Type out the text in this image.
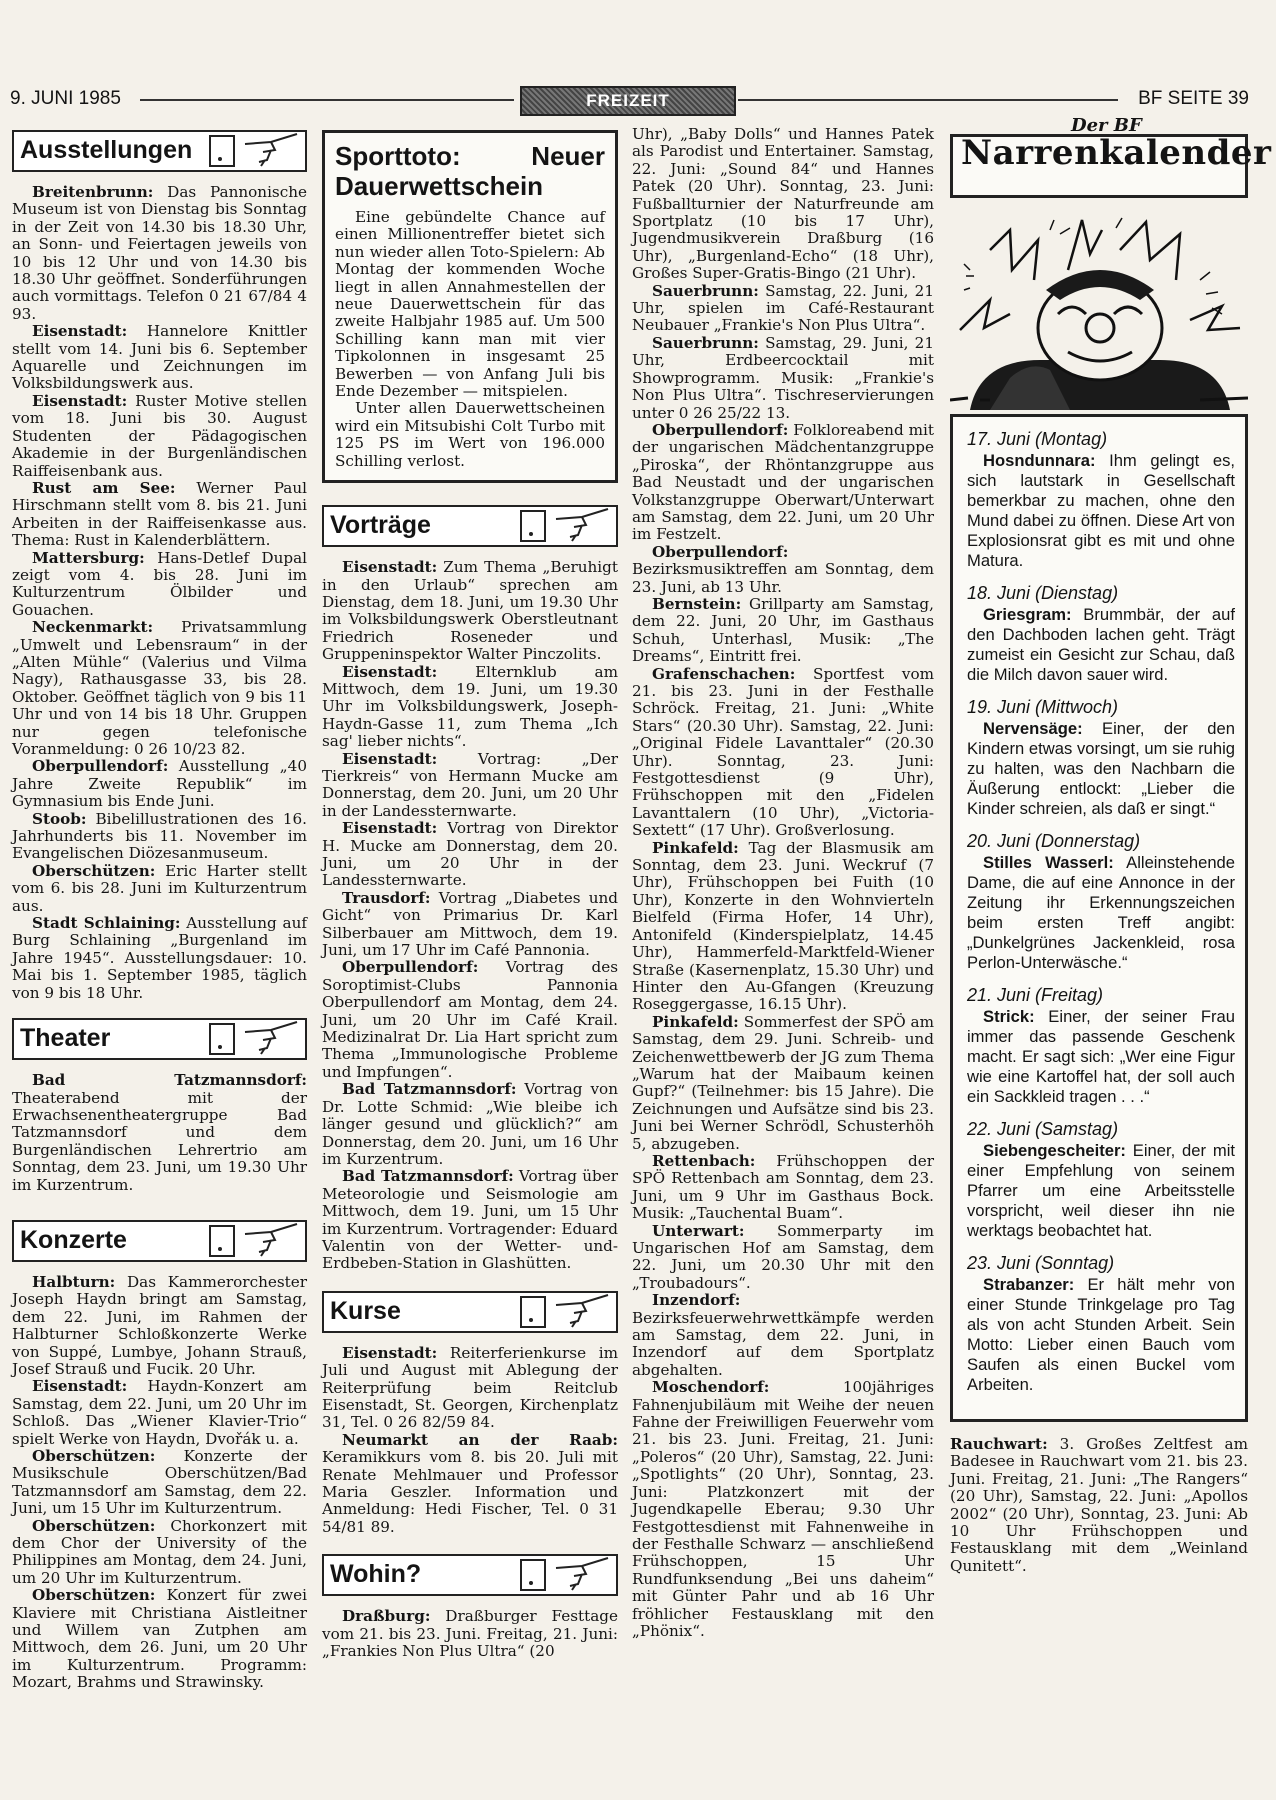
9. JUNI 1985	FREIZEIT	BF SEITE 39
Ausstellungen

Breitenbrunn: Das Pannonische Museum ist von Dienstag bis Sonntag in der Zeit von 14.30 bis 18.30 Uhr, an Sonn- und Feiertagen jeweils von 10 bis 12 Uhr und von 14.30 bis 18.30 Uhr geöffnet. Sonderführungen auch vormittags. Telefon 0 21 67/84 4 93.

Eisenstadt: Hannelore Knittler stellt vom 14. Juni bis 6. September Aquarelle und Zeichnungen im Volksbildungswerk aus.

Eisenstadt: Ruster Motive stellen vom 18. Juni bis 30. August Studenten der Pädagogischen Akademie in der Burgenländischen Raiffeisenbank aus.

Rust am See: Werner Paul Hirschmann stellt vom 8. bis 21. Juni Arbeiten in der Raiffeisenkasse aus. Thema: Rust in Kalenderblättern.

Mattersburg: Hans-Detlef Dupal zeigt vom 4. bis 28. Juni im Kulturzentrum Ölbilder und Gouachen.

Neckenmarkt: Privatsammlung „Umwelt und Lebensraum“ in der „Alten Mühle“ (Valerius und Vilma Nagy), Rathausgasse 33, bis 28. Oktober. Geöffnet täglich von 9 bis 11 Uhr und von 14 bis 18 Uhr. Gruppen nur gegen telefonische Voranmeldung: 0 26 10/23 82.

Oberpullendorf: Ausstellung „40 Jahre Zweite Republik“ im Gymnasium bis Ende Juni.

Stoob: Bibelillustrationen des 16. Jahrhunderts bis 11. November im Evangelischen Diözesanmuseum.

Oberschützen: Eric Harter stellt vom 6. bis 28. Juni im Kulturzentrum aus.

Stadt Schlaining: Ausstellung auf Burg Schlaining „Burgenland im Jahre 1945“. Ausstellungsdauer: 10. Mai bis 1. September 1985, täglich von 9 bis 18 Uhr.

Theater

Bad Tatzmannsdorf: Theaterabend mit der Erwachsenentheatergruppe Bad Tatzmannsdorf und dem Burgenländischen Lehrertrio am Sonntag, dem 23. Juni, um 19.30 Uhr im Kurzentrum.

Konzerte

Halbturn: Das Kammerorchester Joseph Haydn bringt am Samstag, dem 22. Juni, im Rahmen der Halbturner Schloßkonzerte Werke von Suppé, Lumbye, Johann Strauß, Josef Strauß und Fucik. 20 Uhr.

Eisenstadt: Haydn-Konzert am Samstag, dem 22. Juni, um 20 Uhr im Schloß. Das „Wiener Klavier-Trio“ spielt Werke von Haydn, Dvořák u. a.

Oberschützen: Konzerte der Musikschule Oberschützen/Bad Tatzmannsdorf am Samstag, dem 22. Juni, um 15 Uhr im Kulturzentrum.

Oberschützen: Chorkonzert mit dem Chor der University of the Philippines am Montag, dem 24. Juni, um 20 Uhr im Kulturzentrum.

Oberschützen: Konzert für zwei Klaviere mit Christiana Aistleitner und Willem van Zutphen am Mittwoch, dem 26. Juni, um 20 Uhr im Kulturzentrum. Programm: Mozart, Brahms und Strawinsky.

Sporttoto: Neuer Dauerwettschein

Eine gebündelte Chance auf einen Millionentreffer bietet sich nun wieder allen Toto-Spielern: Ab Montag der kommenden Woche liegt in allen Annahmestellen der neue Dauerwettschein für das zweite Halbjahr 1985 auf. Um 500 Schilling kann man mit vier Tipkolonnen in insgesamt 25 Bewerben — von Anfang Juli bis Ende Dezember — mitspielen.

Unter allen Dauerwettscheinen wird ein Mitsubishi Colt Turbo mit 125 PS im Wert von 196.000 Schilling verlost.

Vorträge

Eisenstadt: Zum Thema „Beruhigt in den Urlaub“ sprechen am Dienstag, dem 18. Juni, um 19.30 Uhr im Volksbildungswerk Oberstleutnant Friedrich Roseneder und Gruppeninspektor Walter Pinczolits.

Eisenstadt: Elternklub am Mittwoch, dem 19. Juni, um 19.30 Uhr im Volksbildungswerk, Joseph-Haydn-Gasse 11, zum Thema „Ich sag' lieber nichts“.

Eisenstadt: Vortrag: „Der Tierkreis“ von Hermann Mucke am Donnerstag, dem 20. Juni, um 20 Uhr in der Landessternwarte.

Eisenstadt: Vortrag von Direktor H. Mucke am Donnerstag, dem 20. Juni, um 20 Uhr in der Landessternwarte.

Trausdorf: Vortrag „Diabetes und Gicht“ von Primarius Dr. Karl Silberbauer am Mittwoch, dem 19. Juni, um 17 Uhr im Café Pannonia.

Oberpullendorf: Vortrag des Soroptimist-Clubs Pannonia Oberpullendorf am Montag, dem 24. Juni, um 20 Uhr im Café Krail. Medizinalrat Dr. Lia Hart spricht zum Thema „Immunologische Probleme und Impfungen“.

Bad Tatzmannsdorf: Vortrag von Dr. Lotte Schmid: „Wie bleibe ich länger gesund und glücklich?“ am Donnerstag, dem 20. Juni, um 16 Uhr im Kurzentrum.

Bad Tatzmannsdorf: Vortrag über Meteorologie und Seismologie am Mittwoch, dem 19. Juni, um 15 Uhr im Kurzentrum. Vortragender: Eduard Valentin von der Wetter- und-Erdbeben-Station in Glashütten.

Kurse

Eisenstadt: Reiterferienkurse im Juli und August mit Ablegung der Reiterprüfung beim Reitclub Eisenstadt, St. Georgen, Kirchenplatz 31, Tel. 0 26 82/59 84.

Neumarkt an der Raab: Keramikkurs vom 8. bis 20. Juli mit Renate Mehlmauer und Professor Maria Geszler. Information und Anmeldung: Hedi Fischer, Tel. 0 31 54/81 89.

Wohin?

Draßburg: Draßburger Festtage vom 21. bis 23. Juni. Freitag, 21. Juni: „Frankies Non Plus Ultra“ (20

Uhr), „Baby Dolls“ und Hannes Patek als Parodist und Entertainer. Samstag, 22. Juni: „Sound 84“ und Hannes Patek (20 Uhr). Sonntag, 23. Juni: Fußballturnier der Naturfreunde am Sportplatz (10 bis 17 Uhr), Jugendmusikverein Draßburg (16 Uhr), „Burgenland-Echo“ (18 Uhr), Großes Super-Gratis-Bingo (21 Uhr).

Sauerbrunn: Samstag, 22. Juni, 21 Uhr, spielen im Café-Restaurant Neubauer „Frankie's Non Plus Ultra“.

Sauerbrunn: Samstag, 29. Juni, 21 Uhr, Erdbeercocktail mit Showprogramm. Musik: „Frankie's Non Plus Ultra“. Tischreservierungen unter 0 26 25/22 13.

Oberpullendorf: Folkloreabend mit der ungarischen Mädchentanzgruppe „Piroska“, der Rhöntanzgruppe aus Bad Neustadt und der ungarischen Volkstanzgruppe Oberwart/Unterwart am Samstag, dem 22. Juni, um 20 Uhr im Festzelt.

Oberpullendorf: Bezirksmusiktreffen am Sonntag, dem 23. Juni, ab 13 Uhr.

Bernstein: Grillparty am Samstag, dem 22. Juni, 20 Uhr, im Gasthaus Schuh, Unterhasl, Musik: „The Dreams“, Eintritt frei.

Grafenschachen: Sportfest vom 21. bis 23. Juni in der Festhalle Schröck. Freitag, 21. Juni: „White Stars“ (20.30 Uhr). Samstag, 22. Juni: „Original Fidele Lavanttaler“ (20.30 Uhr). Sonntag, 23. Juni: Festgottesdienst (9 Uhr), Frühschoppen mit den „Fidelen Lavanttalern (10 Uhr), „Victoria-Sextett“ (17 Uhr). Großverlosung.

Pinkafeld: Tag der Blasmusik am Sonntag, dem 23. Juni. Weckruf (7 Uhr), Frühschoppen bei Fuith (10 Uhr), Konzerte in den Wohnvierteln Bielfeld (Firma Hofer, 14 Uhr), Antonifeld (Kinderspielplatz, 14.45 Uhr), Hammerfeld-Marktfeld-Wiener Straße (Kasernenplatz, 15.30 Uhr) und Hinter den Au-Gfangen (Kreuzung Roseggergasse, 16.15 Uhr).

Pinkafeld: Sommerfest der SPÖ am Samstag, dem 29. Juni. Schreib- und Zeichenwettbewerb der JG zum Thema „Warum hat der Maibaum keinen Gupf?“ (Teilnehmer: bis 15 Jahre). Die Zeichnungen und Aufsätze sind bis 23. Juni bei Werner Schrödl, Schusterhöh 5, abzugeben.

Rettenbach: Frühschoppen der SPÖ Rettenbach am Sonntag, dem 23. Juni, um 9 Uhr im Gasthaus Bock. Musik: „Tauchental Buam“.

Unterwart: Sommerparty im Ungarischen Hof am Samstag, dem 22. Juni, um 20.30 Uhr mit den „Troubadours“.

Inzendorf: Bezirksfeuerwehrwettkämpfe werden am Samstag, dem 22. Juni, in Inzendorf auf dem Sportplatz abgehalten.

Moschendorf: 100jähriges Fahnenjubiläum mit Weihe der neuen Fahne der Freiwilligen Feuerwehr vom 21. bis 23. Juni. Freitag, 21. Juni: „Poleros“ (20 Uhr), Samstag, 22. Juni: „Spotlights“ (20 Uhr), Sonntag, 23. Juni: Platzkonzert mit der Jugendkapelle Eberau; 9.30 Uhr Festgottesdienst mit Fahnenweihe in der Festhalle Schwarz — anschließend Frühschoppen, 15 Uhr Rundfunksendung „Bei uns daheim“ mit Günter Pahr und ab 16 Uhr fröhlicher Festausklang mit den „Phönix“.

Der BF
Narrenkalender
17. Juni (Montag)

Hosndunnara: Ihm gelingt es, sich lautstark in Gesellschaft bemerkbar zu machen, ohne den Mund dabei zu öffnen. Diese Art von Explosionsrat gibt es mit und ohne Matura.

18. Juni (Dienstag)

Griesgram: Brummbär, der auf den Dachboden lachen geht. Trägt zumeist ein Gesicht zur Schau, daß die Milch davon sauer wird.

19. Juni (Mittwoch)

Nervensäge: Einer, der den Kindern etwas vorsingt, um sie ruhig zu halten, was den Nachbarn die Äußerung entlockt: „Lieber die Kinder schreien, als daß er singt.“

20. Juni (Donnerstag)

Stilles Wasserl: Alleinstehende Dame, die auf eine Annonce in der Zeitung ihr Erkennungszeichen beim ersten Treff angibt: „Dunkelgrünes Jackenkleid, rosa Perlon-Unterwäsche.“

21. Juni (Freitag)

Strick: Einer, der seiner Frau immer das passende Geschenk macht. Er sagt sich: „Wer eine Figur wie eine Kartoffel hat, der soll auch ein Sackkleid tragen . . .“

22. Juni (Samstag)

Siebengescheiter: Einer, der mit einer Empfehlung von seinem Pfarrer um eine Arbeitsstelle vorspricht, weil dieser ihn nie werktags beobachtet hat.

23. Juni (Sonntag)

Strabanzer: Er hält mehr von einer Stunde Trinkgelage pro Tag als von acht Stunden Arbeit. Sein Motto: Lieber einen Bauch vom Saufen als einen Buckel vom Arbeiten.

Rauchwart: 3. Großes Zeltfest am Badesee in Rauchwart vom 21. bis 23. Juni. Freitag, 21. Juni: „The Rangers“ (20 Uhr), Samstag, 22. Juni: „Apollos 2002“ (20 Uhr), Sonntag, 23. Juni: Ab 10 Uhr Frühschoppen und Festausklang mit dem „Weinland Qunitett“.
